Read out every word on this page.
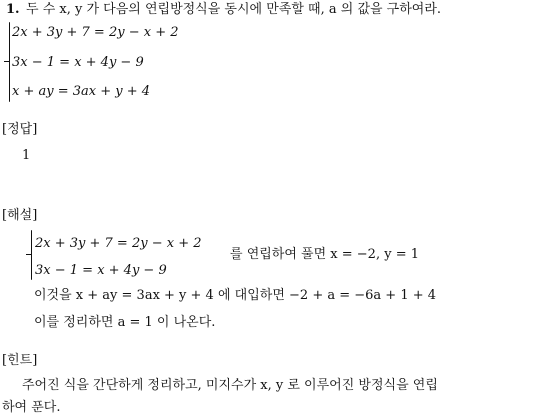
1. 두 수 x, y 가 다음의 연립방정식을 동시에 만족할 때, a 의 값을 구하여라.
2x + 3y + 7 = 2y − x + 2
3x − 1 = x + 4y − 9
x + ay = 3ax + y + 4
[정답]
1
[해설]
2x + 3y + 7 = 2y − x + 2
3x − 1 = x + 4y − 9
를 연립하여 풀면 x = −2, y = 1
이것을 x + ay = 3ax + y + 4 에 대입하면 −2 + a = −6a + 1 + 4
이를 정리하면 a = 1 이 나온다.
[힌트]
주어진 식을 간단하게 정리하고, 미지수가 x, y 로 이루어진 방정식을 연립
하여 푼다.
